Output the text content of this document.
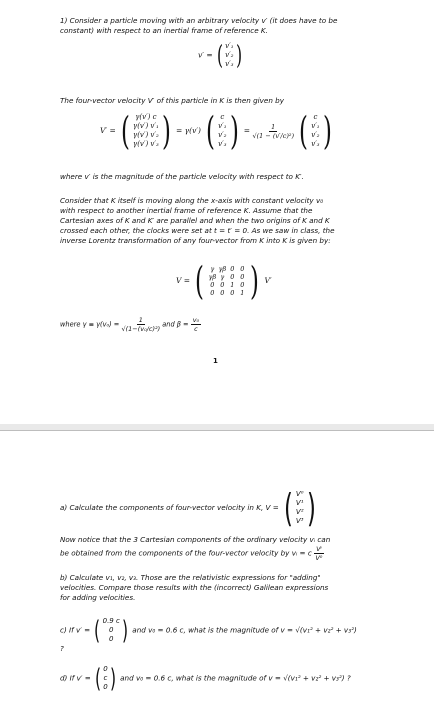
1) Consider a particle moving with an arbitrary velocity v′ (it does have to be
constant) with respect to an inertial frame of reference K.
v′ = ( v′₁
v′₂
v′₃ )
The four-vector velocity V′ of this particle in K is then given by
V′ = ( γ(v′) c
γ(v′) v′₁
γ(v′) v′₂
γ(v′) v′₃ ) = γ(v′) ( c
v′₁
v′₂
v′₃ ) = $\frac{1}{\text{√(1 − (v′/c)²)}}$
( c
v′₁
v′₂
v′₃ )
where v′ is the magnitude of the particle velocity with respect to K′.
Consider that K itself is moving along the x-axis with constant velocity v₀
with respect to another inertial frame of reference K. Assume that the
Cartesian axes of K and K′ are parallel and when the two origins of K and K
crossed each other, the clocks were set at t = t′ = 0. As we saw in class, the
inverse Lorentz transformation of any four-vector from K into K is given by:
V = ( γ γβ 0 0
γβ γ 0 0
0 0 1 0
0 0 0 1 ) V′
where $\gamma \equiv \gamma(v_0) = \frac{1}{\text{√(1−(v₀/c)²)}}$ and $\beta = \frac{\text{v₀}}{c}$
1
a) Calculate the components of four-vector velocity in K, V = ( V⁰
V¹
V²
V³ )
Now notice that the 3 Cartesian components of the ordinary velocity vᵢ can
be obtained from the components of the four-vector velocity by vᵢ = c $\frac{\text{Vⁱ}}{\text{V⁰}}$
b) Calculate v₁, v₂, v₃. Those are the relativistic expressions for "adding"
velocities. Compare those results with the (incorrect) Galilean expressions
for adding velocities.
c) If v′ = ( 0.9 c
0
0 ) and v₀ = 0.6 c, what is the magnitude of v = √(v₁² + v₂² + v₃²)
?
d) If v′ = ( 0
c
0 ) and v₀ = 0.6 c, what is the magnitude of v = √(v₁² + v₂² + v₃²) ?
